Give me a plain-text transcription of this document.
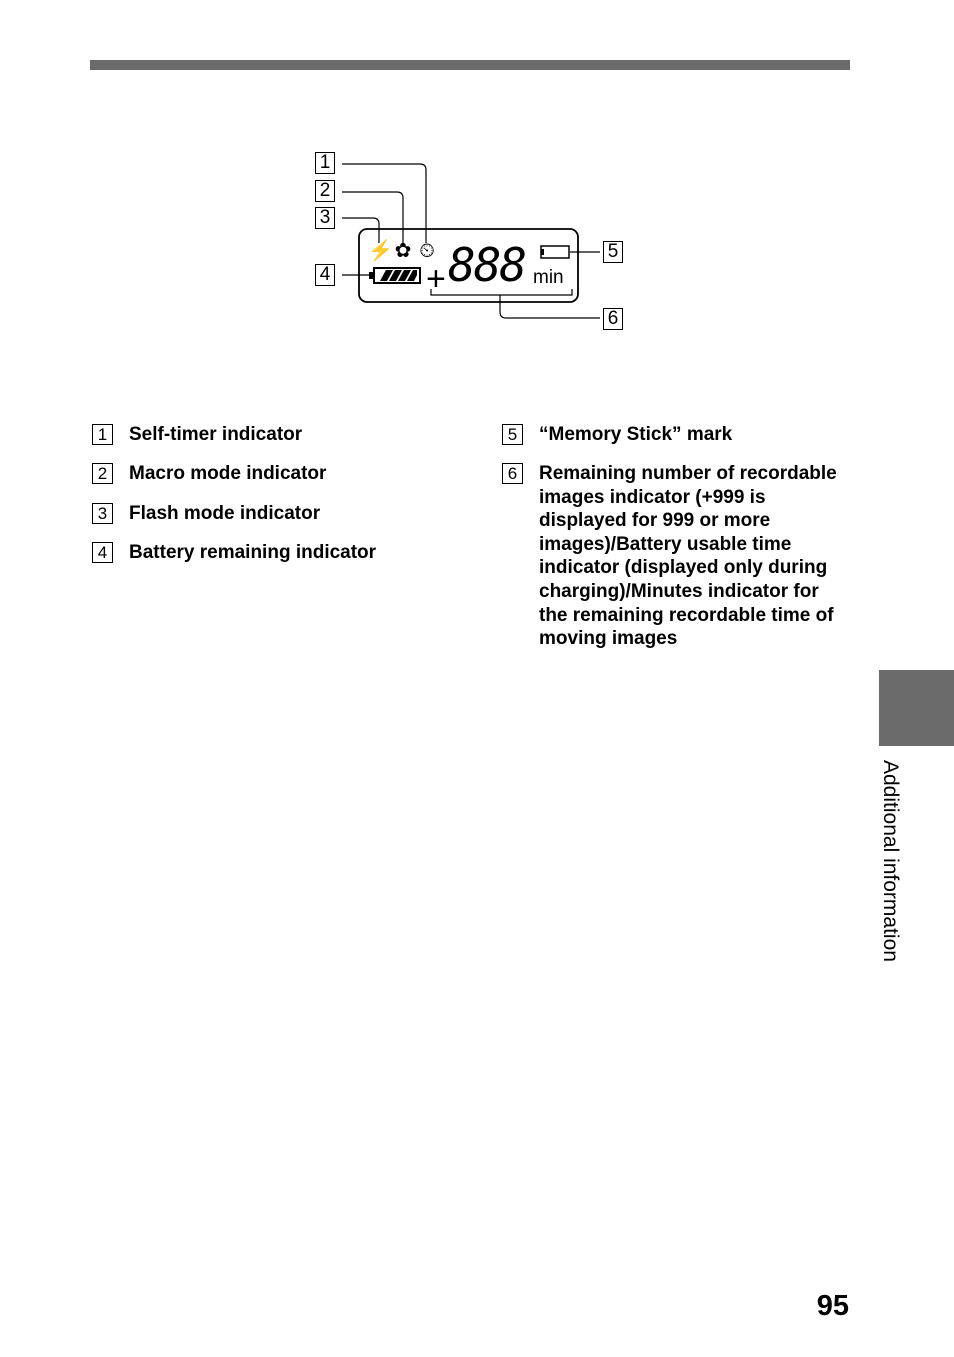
1
2
3
4
5
6
⚡ ✿ ⏲
+ 888 min
1	Self-timer indicator
2	Macro mode indicator
3	Flash mode indicator
4	Battery remaining indicator
5	“Memory Stick” mark
6	Remaining number of recordable images indicator (+999 is displayed for 999 or more images)/Battery usable time indicator (displayed only during charging)/Minutes indicator for the remaining recordable time of moving images
Additional information
95
